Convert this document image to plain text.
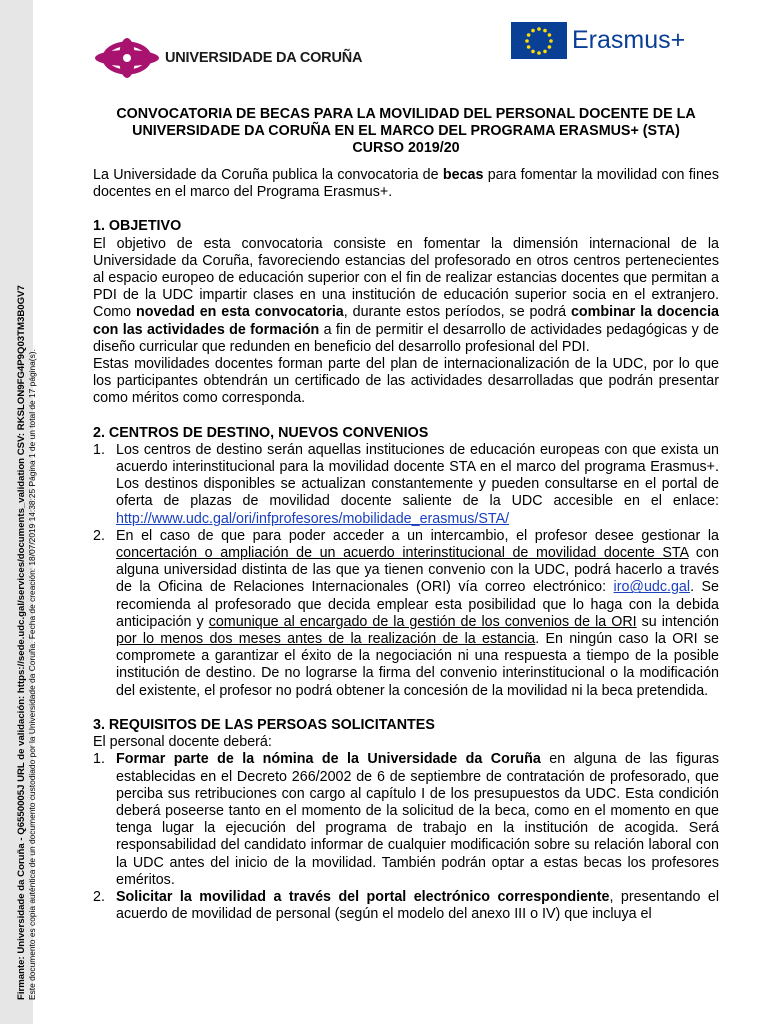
Firmante: Universidade da Coruña - Q6550005J URL de validación: https://sede.udc.gal/services/documents_validation CSV: RKSLON9FG4P9Q03TM3B0GV7 Este documento es copia auténtica de un documento custodiado por la Universidade da Coruña. Fecha de creación: 18/07/2019 14:38:25 Página 1 de un total de 17 página(s).
UNIVERSIDADE DA CORUÑA
Erasmus+
CONVOCATORIA DE BECAS PARA LA MOVILIDAD DEL PERSONAL DOCENTE DE LA
UNIVERSIDADE DA CORUÑA EN EL MARCO DEL PROGRAMA ERASMUS+ (STA)
CURSO 2019/20

La Universidade da Coruña publica la convocatoria de becas para fomentar la movilidad con fines docentes en el marco del Programa Erasmus+.

1. OBJETIVO

El objetivo de esta convocatoria consiste en fomentar la dimensión internacional de la Universidade da Coruña, favoreciendo estancias del profesorado en otros centros pertenecientes al espacio europeo de educación superior con el fin de realizar estancias docentes que permitan a PDI de la UDC impartir clases en una institución de educación superior socia en el extranjero. Como novedad en esta convocatoria, durante estos períodos, se podrá combinar la docencia con las actividades de formación a fin de permitir el desarrollo de actividades pedagógicas y de diseño curricular que redunden en beneficio del desarrollo profesional del PDI.

Estas movilidades docentes forman parte del plan de internacionalización de la UDC, por lo que los participantes obtendrán un certificado de las actividades desarrolladas que podrán presentar como méritos como corresponda.

2. CENTROS DE DESTINO, NUEVOS CONVENIOS
1. Los centros de destino serán aquellas instituciones de educación europeas con que exista un acuerdo interinstitucional para la movilidad docente STA en el marco del programa Erasmus+. Los destinos disponibles se actualizan constantemente y pueden consultarse en el portal de oferta de plazas de movilidad docente saliente de la UDC accesible en el enlace: http://www.udc.gal/ori/infprofesores/mobilidade_erasmus/STA/
2. En el caso de que para poder acceder a un intercambio, el profesor desee gestionar la concertación o ampliación de un acuerdo interinstitucional de movilidad docente STA con alguna universidad distinta de las que ya tienen convenio con la UDC, podrá hacerlo a través de la Oficina de Relaciones Internacionales (ORI) vía correo electrónico: iro@udc.gal. Se recomienda al profesorado que decida emplear esta posibilidad que lo haga con la debida anticipación y comunique al encargado de la gestión de los convenios de la ORI su intención por lo menos dos meses antes de la realización de la estancia. En ningún caso la ORI se compromete a garantizar el éxito de la negociación ni una respuesta a tiempo de la posible institución de destino. De no lograrse la firma del convenio interinstitucional o la modificación del existente, el profesor no podrá obtener la concesión de la movilidad ni la beca pretendida.
3. REQUISITOS DE LAS PERSOAS SOLICITANTES

El personal docente deberá:

1. Formar parte de la nómina de la Universidade da Coruña en alguna de las figuras establecidas en el Decreto 266/2002 de 6 de septiembre de contratación de profesorado, que perciba sus retribuciones con cargo al capítulo I de los presupuestos da UDC. Esta condición deberá poseerse tanto en el momento de la solicitud de la beca, como en el momento en que tenga lugar la ejecución del programa de trabajo en la institución de acogida. Será responsabilidad del candidato informar de cualquier modificación sobre su relación laboral con la UDC antes del inicio de la movilidad. También podrán optar a estas becas los profesores eméritos.
2. Solicitar la movilidad a través del portal electrónico correspondiente, presentando el acuerdo de movilidad de personal (según el modelo del anexo III o IV) que incluya el
